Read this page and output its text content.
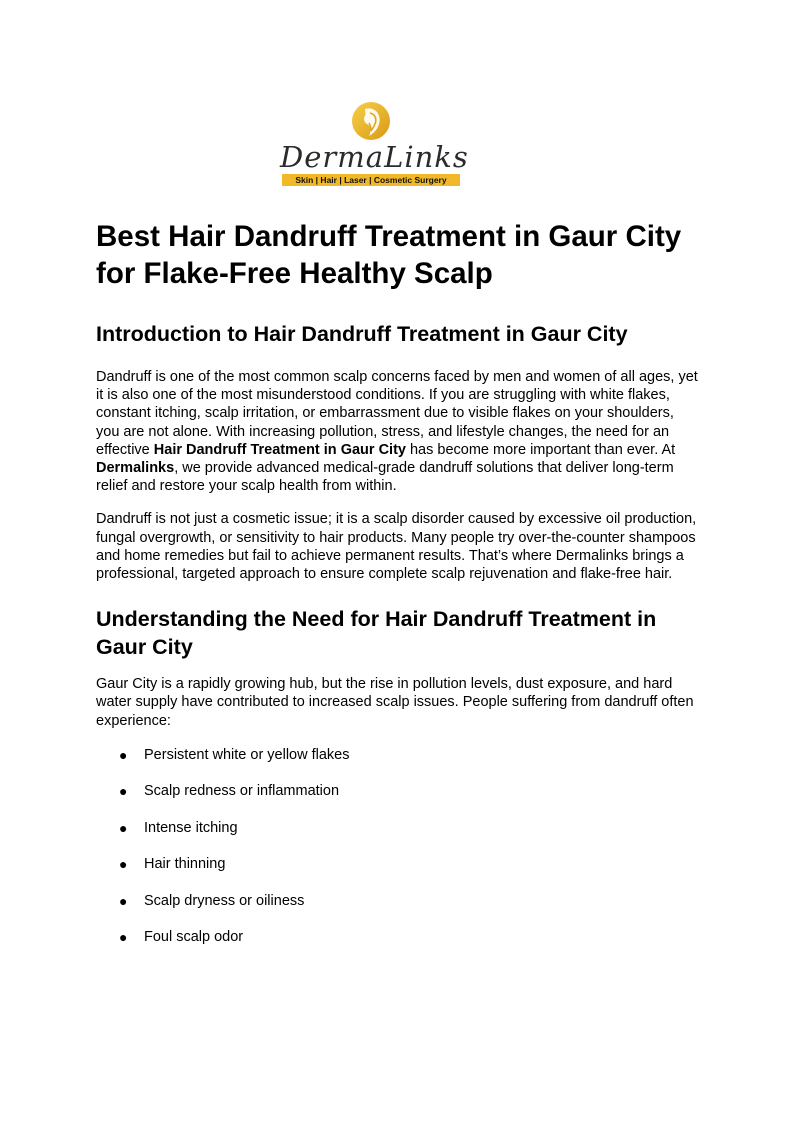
DermaLinks
Skin | Hair | Laser | Cosmetic Surgery
Best Hair Dandruff Treatment in Gaur City for Flake-Free Healthy Scalp
Introduction to Hair Dandruff Treatment in Gaur City

Dandruff is one of the most common scalp concerns faced by men and women of all ages, yet it is also one of the most misunderstood conditions. If you are struggling with white flakes, constant itching, scalp irritation, or embarrassment due to visible flakes on your shoulders, you are not alone. With increasing pollution, stress, and lifestyle changes, the need for an effective Hair Dandruff Treatment in Gaur City has become more important than ever. At Dermalinks, we provide advanced medical-grade dandruff solutions that deliver long-term relief and restore your scalp health from within.

Dandruff is not just a cosmetic issue; it is a scalp disorder caused by excessive oil production, fungal overgrowth, or sensitivity to hair products. Many people try over-the-counter shampoos and home remedies but fail to achieve permanent results. That’s where Dermalinks brings a professional, targeted approach to ensure complete scalp rejuvenation and flake-free hair.

Understanding the Need for Hair Dandruff Treatment in Gaur City

Gaur City is a rapidly growing hub, but the rise in pollution levels, dust exposure, and hard water supply have contributed to increased scalp issues. People suffering from dandruff often experience:

● Persistent white or yellow flakes
● Scalp redness or inflammation
● Intense itching
● Hair thinning
● Scalp dryness or oiliness
● Foul scalp odor
